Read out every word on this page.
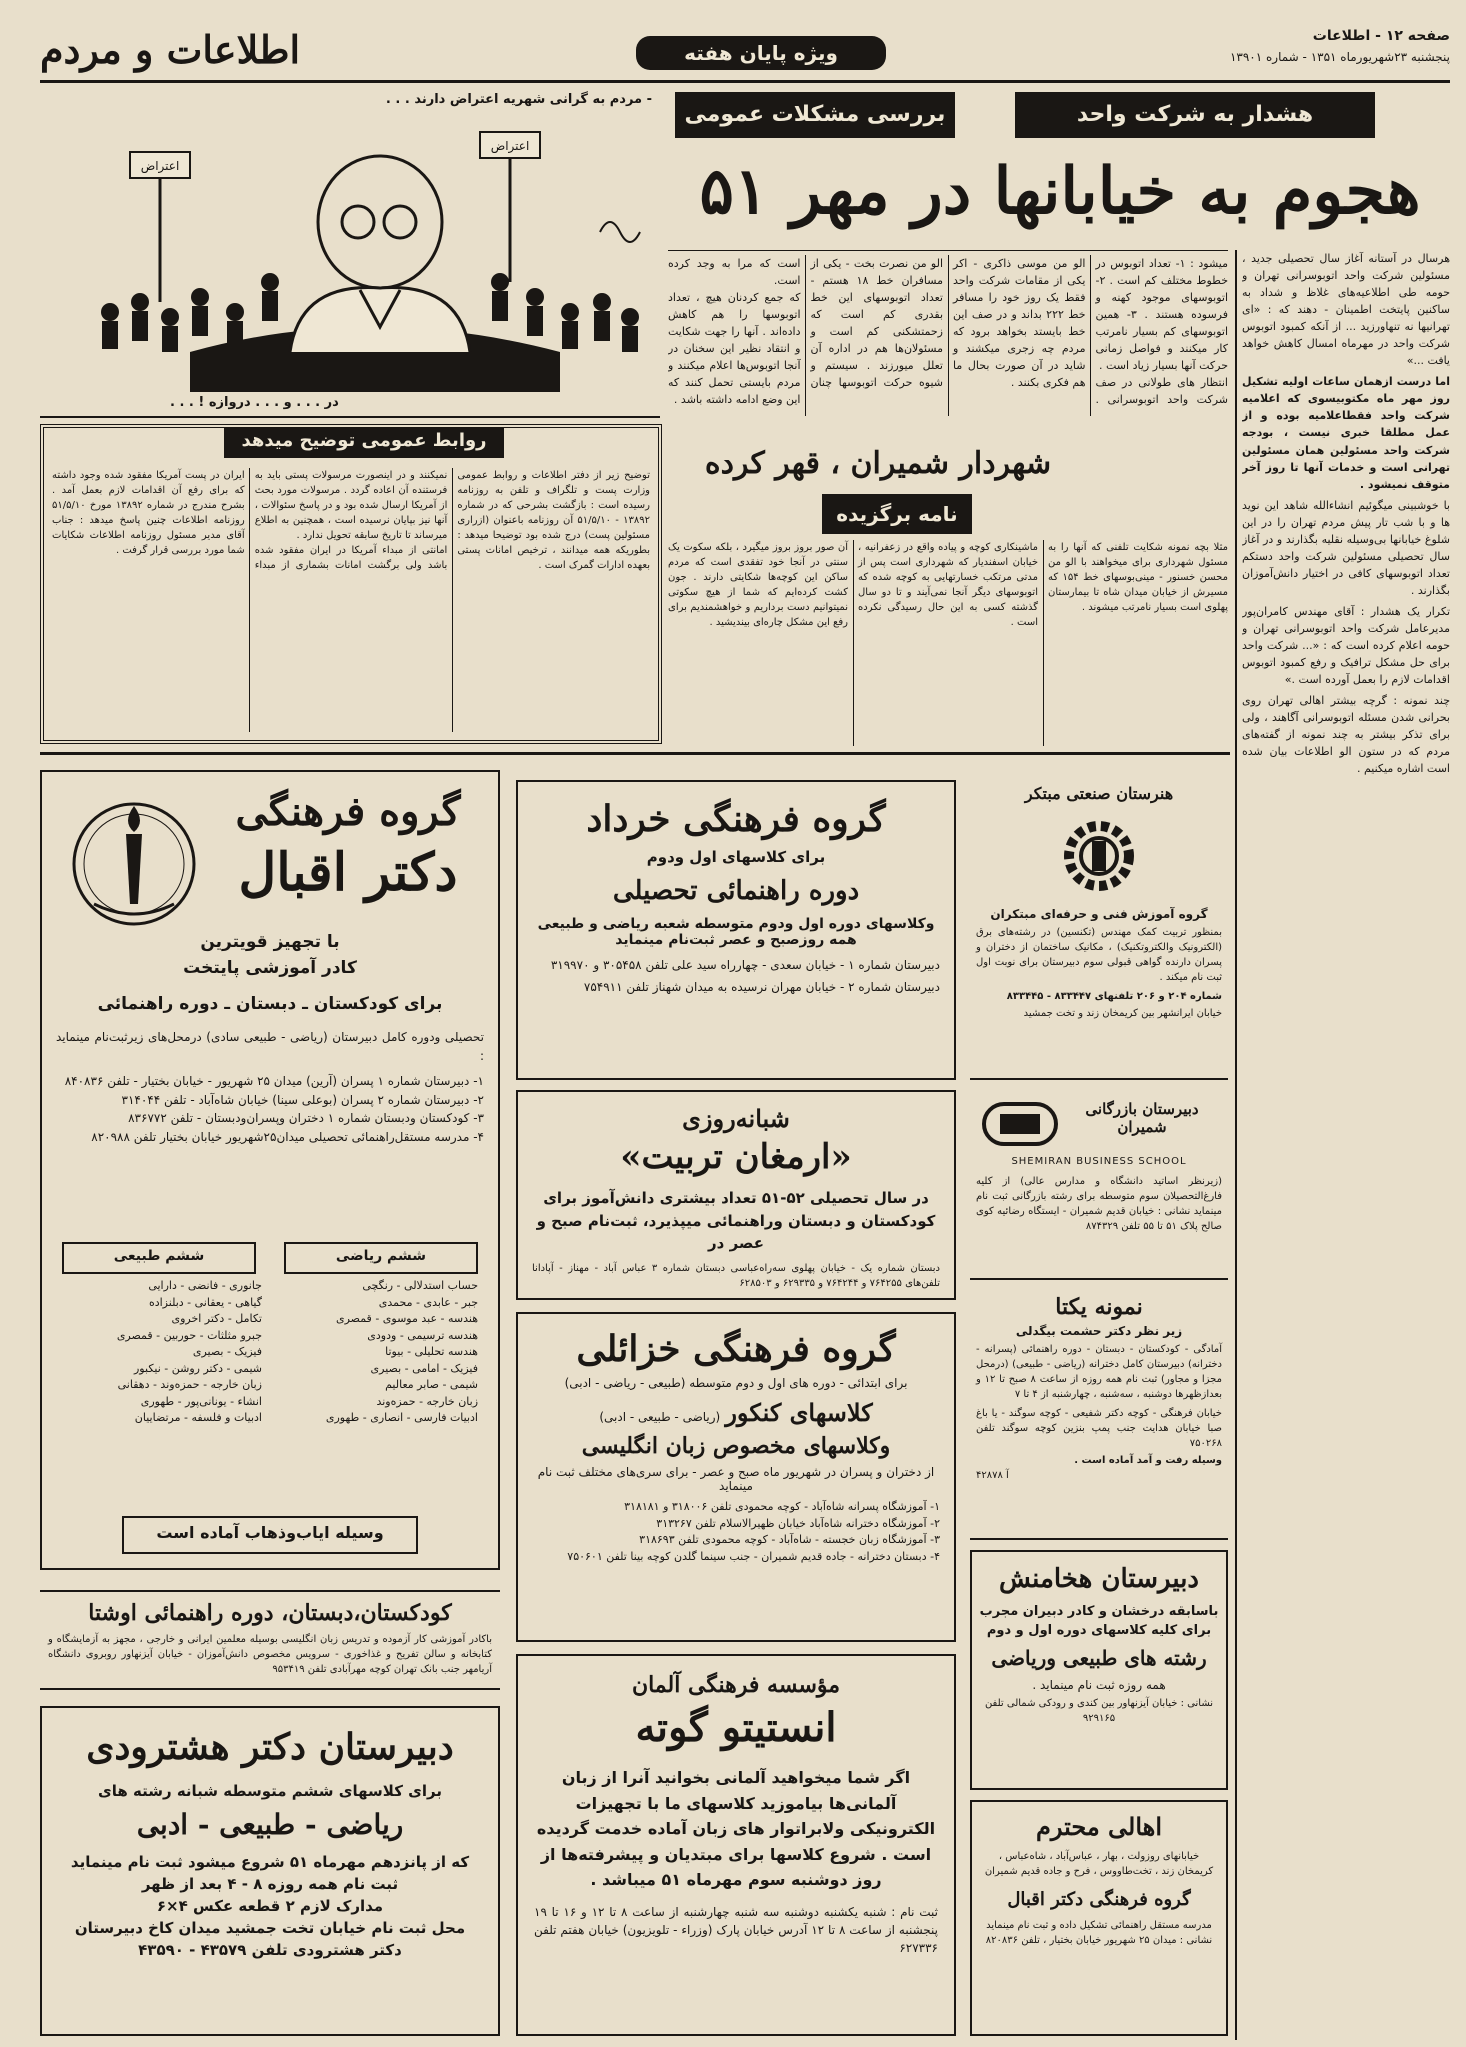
صفحه ۱۲ - اطلاعات
پنجشنبه ۲۳شهریورماه ۱۳۵۱ - شماره ۱۳۹۰۱
ویژه پایان هفته
اطلاعات و مردم
- مردم به گرانی شهریه اعتراض دارند . . .
اعتراض
اعتراض
در . . . و . . . دروازه ! . . .
هشدار به شرکت واحد
بررسی مشکلات عمومی
هجوم به خیابانها در مهر ۵۱
میشود : ۱- تعداد اتوبوس در خطوط مختلف کم است . ۲- اتوبوسهای موجود کهنه و فرسوده هستند . ۳- همین اتوبوسهای کم بسیار نامرتب کار میکنند و فواصل زمانی حرکت آنها بسیار زیاد است .
انتظار های طولانی در صف شرکت واحد اتوبوسرانی . الو من موسی ذاکری - اکر یکی از مقامات شرکت واحد فقط یک روز خود را مسافر خط ۲۲۲ بداند و در صف این خط بایستد بخواهد برود که مردم چه زجری میکشند و شاید در آن صورت بحال ما هم فکری بکنند .
الو من نصرت بخت - یکی از مسافران خط ۱۸ هستم - تعداد اتوبوسهای این خط بقدری کم است که زحمتشکنی کم است و مسئولان‌ها هم در اداره آن تعلل میورزند . سیستم و شیوه حرکت اتوبوسها چنان است که مرا به وجد کرده است.
که جمع کردنان هیچ ، تعداد اتوبوسها را هم کاهش داده‌اند . آنها را جهت شکایت و انتقاد نظیر این سخنان در آنجا اتوبوس‌ها اعلام میکنند و مردم بایستی تحمل کنند که این وضع ادامه داشته باشد .
هرسال در آستانه آغاز سال تحصیلی جدید ، مسئولین شرکت واحد اتوبوسرانی تهران و حومه طی اطلاعیه‌های غلاظ و شداد به ساکنین پایتخت اطمینان - دهند که : «ای تهرانیها نه تنهاورزید ... از آنکه کمبود اتوبوس شرکت واحد در مهرماه امسال کاهش خواهد یافت ...»
اما درست ازهمان ساعات اولیه تشکیل روز مهر ماه مکتوبیسوی که اعلامیه شرکت واحد فقطاعلامیه بوده و از عمل مطلقا خبری نیست ، بودجه شرکت واحد مسئولین همان مسئولین تهرانی است و خدمات آنها تا روز آخر متوقف نمیشود .
با خوشبینی میگوئیم انشاءالله شاهد این نوید ها و با شب تار پیش مردم تهران را در این شلوغ خیابانها بی‌وسیله نقلیه بگذارند و در آغاز سال تحصیلی مسئولین شرکت واحد دستکم تعداد اتوبوسهای کافی در اختیار دانش‌آموزان بگذارند .
تکرار یک هشدار : آقای مهندس کامران‌پور مدیرعامل شرکت واحد اتوبوسرانی تهران و حومه اعلام کرده است که : «... شرکت واحد برای حل مشکل ترافیک و رفع کمبود اتوبوس اقدامات لازم را بعمل آورده است .»
چند نمونه : گرچه بیشتر اهالی تهران روی بحرانی شدن مسئله اتوبوسرانی آگاهند ، ولی برای تذکر بیشتر به چند نمونه از گفته‌های مردم که در ستون الو اطلاعات بیان شده است اشاره میکنیم .
روابط عمومی توضیح میدهد
توضیح زیر از دفتر اطلاعات و روابط عمومی وزارت پست و تلگراف و تلفن به روزنامه رسیده است : بازگشت بشرحی که در شماره ۱۳۸۹۲ - ۵۱/۵/۱۰ آن روزنامه باعنوان (ازراری مسئولین پست) درج شده بود توضیحا میدهد : بطوریکه همه میدانند ، ترخیص امانات پستی بعهده ادارات گمرک است .
نمیکنند و در اینصورت مرسولات پستی باید به فرستنده آن اعاده گردد . مرسولات مورد بحث از آمریکا ارسال شده بود و در پاسخ سئوالات ، آنها نیز بپایان نرسیده است ، همچنین به اطلاع میرساند تا تاریخ سابقه تحویل ندارد .
امانتی از مبداء آمریکا در ایران مفقود شده باشد ولی برگشت امانات بشماری از مبداء ایران در پست آمریکا مفقود شده وجود داشته که برای رفع آن اقدامات لازم بعمل آمد . بشرح مندرج در شماره ۱۳۸۹۲ مورخ ۵۱/۵/۱۰ روزنامه اطلاعات چنین پاسخ میدهد : جناب آقای مدیر مسئول روزنامه اطلاعات شکایات شما مورد بررسی قرار گرفت .
شهردار شمیران ، قهر کرده
نامه برگزیده
مثلا بچه نمونه شکایت تلفنی که آنها را به مسئول شهرداری برای میخواهند با الو من محسن خسنور - مینی‌بوسهای خط ۱۵۴ که مسیرش از خیابان میدان شاه تا بیمارستان پهلوی است بسیار نامرتب میشوند .
ماشینکاری کوچه و پیاده واقع در زعفرانیه ، خیابان اسفندیار که شهرداری است پس از مدتی مرتکب خسارتهایی به کوچه شده که اتوبوسهای دیگر آنجا نمی‌آیند و تا دو سال گذشته کسی به این حال رسیدگی نکرده است .
آن صور بروز بروز میگیرد ، بلکه سکوت یک سنتی در آنجا خود تفقدی است که مردم ساکن این کوچه‌ها شکایتی دارند . جون کشت کرده‌ایم که شما از هیچ سکوتی نمیتوانیم دست برداریم و خواهشمندیم برای رفع این مشکل چاره‌ای بیندیشید .
گروه فرهنگی
دکتر اقبال
با تجهیز قویترین
کادر آموزشی پایتخت
برای کودکستان ـ دبستان ـ دوره راهنمائی
تحصیلی ودوره کامل دبیرستان (ریاضی - طبیعی سادی) درمحل‌های زیرثبت‌نام مینماید :
۱- دبیرستان شماره ۱ پسران (آرین) میدان ۲۵ شهریور - خیابان بختیار - تلفن ۸۴۰۸۳۶
۲- دبیرستان شماره ۲ پسران (بوعلی سینا) خیابان شاه‌آباد - تلفن ۳۱۴۰۴۴
۳- کودکستان ودبستان شماره ۱ دختران وپسران‌ودبستان - تلفن ۸۳۶۷۷۲
۴- مدرسه مستقل‌راهنمائی تحصیلی میدان۲۵شهریور خیابان بختیار تلفن ۸۲۰۹۸۸
ششم ریاضی
ششم طبیعی
حساب استدلالی - رنگچی
جبر - عابدی - محمدی
هندسه - عبد موسوی - قمصری
هندسه ترسیمی - ودودی
هندسه تحلیلی - بیوتا
فیزیک - امامی - بصیری
شیمی - صابر معالیم
زبان خارجه - حمزه‌وند
ادبیات فارسی - انصاری - طهوری
جانوری - فانضی - دارایی
گیاهی - یعقانی - دبلنزاده
تکامل - دکتر اخروی
جبرو مثلثات - حوربین - قمصری
فیزیک - بصیری
شیمی - دکتر روشن - نیکبور
زبان خارجه - حمزه‌وند - دهقانی
انشاء - یونانی‌پور - طهوری
ادبیات و فلسفه - مرتضاییان
وسیله ایاب‌وذهاب آماده است
کودکستان،دبستان، دوره راهنمائی اوشتا
باکادر آموزشی کار آزموده و تدریس زبان انگلیسی بوسیله معلمین ایرانی و خارجی ، مجهز به آزمایشگاه و کتابخانه و سالن تفریح و غذاخوری - سرویس مخصوص دانش‌آموزان - خیابان آیزنهاور روبروی دانشگاه آریامهر جنب بانک تهران کوچه مهرآبادی تلفن ۹۵۳۴۱۹
دبیرستان دکتر هشترودی
برای کلاسهای ششم متوسطه شبانه رشته های
ریاضی - طبیعی - ادبی
که از پانزدهم مهرماه ۵۱ شروع میشود ثبت نام مینماید
ثبت نام همه روزه ۸ - ۴ بعد از ظهر
مدارک لازم ۲ قطعه عکس ۴×۶
محل ثبت نام خیابان تخت جمشید میدان کاخ دبیرستان
دکتر هشترودی تلفن ۴۳۵۷۹ - ۴۳۵۹۰
گروه فرهنگی خرداد
برای کلاسهای اول ودوم
دوره راهنمائی تحصیلی
وکلاسهای دوره اول ودوم متوسطه شعبه ریاضی و طبیعی همه روزصبح و عصر ثبت‌نام مینماید
دبیرستان شماره ۱ - خیابان سعدی - چهارراه سید علی تلفن ۳۰۵۴۵۸ و ۳۱۹۹۷۰
دبیرستان شماره ۲ - خیابان مهران نرسیده به میدان شهناز تلفن ۷۵۴۹۱۱
شبانه‌روزی
«ارمغان تربیت»
در سال تحصیلی ۵۲-۵۱ تعداد بیشتری دانش‌آموز برای کودکستان و دبستان وراهنمائی میپذیرد، ثبت‌نام صبح و عصر در
دبستان شماره یک - خیابان پهلوی سه‌راه‌عباسی دبستان شماره ۳ عباس آباد - مهناز - آپادانا تلفن‌های ۷۶۴۲۵۵ و ۷۶۴۲۴۴ و ۶۲۹۳۳۵ و ۶۲۸۵۰۳
گروه فرهنگی خزائلی
برای ابتدائی - دوره های اول و دوم متوسطه (طبیعی - ریاضی - ادبی)
کلاسهای کنکور (ریاضی - طبیعی - ادبی)
وکلاسهای مخصوص زبان انگلیسی
از دختران و پسران در شهریور ماه صبح و عصر - برای سری‌های مختلف ثبت نام مینماید
۱- آموزشگاه پسرانه شاه‌آباد - کوچه محمودی تلفن ۳۱۸۰۰۶ و ۳۱۸۱۸۱
۲- آموزشگاه دخترانه شاه‌آباد خیابان ظهیرالاسلام تلفن ۳۱۳۲۶۷
۳- آموزشگاه زبان خجسته - شاه‌آباد - کوچه محمودی تلفن ۳۱۸۶۹۳
۴- دبستان دخترانه - جاده قدیم شمیران - جنب سینما گلدن کوچه بینا تلفن ۷۵۰۶۰۱
مؤسسه فرهنگی آلمان
انستیتو گوته
اگر شما میخواهید آلمانی بخوانید آنرا از زبان آلمانی‌ها بیاموزید کلاسهای ما با تجهیزات الکترونیکی ولابراتوار های زبان آماده خدمت گردیده است . شروع کلاسها برای مبتدیان و پیشرفته‌ها از روز دوشنبه سوم مهرماه ۵۱ میباشد .
ثبت نام : شنبه یکشنبه دوشنبه سه شنبه چهارشنبه از ساعت ۸ تا ۱۲ و ۱۶ تا ۱۹ پنجشنبه از ساعت ۸ تا ۱۲ آدرس خیابان پارک (وزراء - تلویزیون) خیابان هفتم تلفن ۶۲۷۳۳۶
هنرستان صنعتی مبتکر
گروه آموزش فنی و حرفه‌ای مبتکران
بمنظور تربیت کمک مهندس (تکنسین) در رشته‌های برق (الکترونیک والکتروتکنیک) ، مکانیک ساختمان از دختران و پسران دارنده گواهی قبولی سوم دبیرستان برای نوبت اول ثبت نام میکند .
شماره ۲۰۴ و ۲۰۶ تلفنهای ۸۳۳۴۴۷ - ۸۳۳۴۴۵
خیابان ایرانشهر بین کریمخان زند و تخت جمشید
دبیرستان بازرگانی شمیران
SHEMIRAN BUSINESS SCHOOL
(زیرنظر اساتید دانشگاه و مدارس عالی) از کلیه فارغ‌التحصیلان سوم متوسطه برای رشته بازرگانی ثبت نام مینماید نشانی : خیابان قدیم شمیران - ایستگاه رضائیه کوی صالح پلاک ۵۱ تا ۵۵ تلفن ۸۷۴۳۲۹
نمونه یکتا
زیر نظر دکتر حشمت بیگدلی
آمادگی - کودکستان - دبستان - دوره راهنمائی (پسرانه - دخترانه) دبیرستان کامل دخترانه (ریاضی - طبیعی) (درمحل مجزا و مجاور) ثبت نام همه روزه از ساعت ۸ صبح تا ۱۲ و بعدازظهرها دوشنبه ، سه‌شنبه ، چهارشنبه از ۴ تا ۷
خیابان فرهنگی - کوچه دکتر شفیعی - کوچه سوگند - یا باغ صبا خیابان هدایت جنب پمپ بنزین کوچه سوگند تلفن ۷۵۰۲۶۸
وسیله رفت و آمد آماده است .
آ ۴۲۸۷۸
دبیرستان هخامنش
باسابقه درخشان و کادر دبیران مجرب
برای کلیه کلاسهای دوره اول و دوم
رشته های طبیعی وریاضی
همه روزه ثبت نام مینماید .
نشانی : خیابان آیزنهاور بین کندی و رودکی شمالی تلفن ۹۲۹۱۶۵
اهالی محترم
خیابانهای روزولت ، بهار ، عباس‌آباد ، شاه‌عباس ، کریمخان زند ، تخت‌طاووس ، فرح و جاده قدیم شمیران
گروه فرهنگی دکتر اقبال
مدرسه مستقل راهنمائی تشکیل داده و ثبت نام مینماید نشانی : میدان ۲۵ شهریور خیابان بختیار ، تلفن ۸۲۰۸۳۶
